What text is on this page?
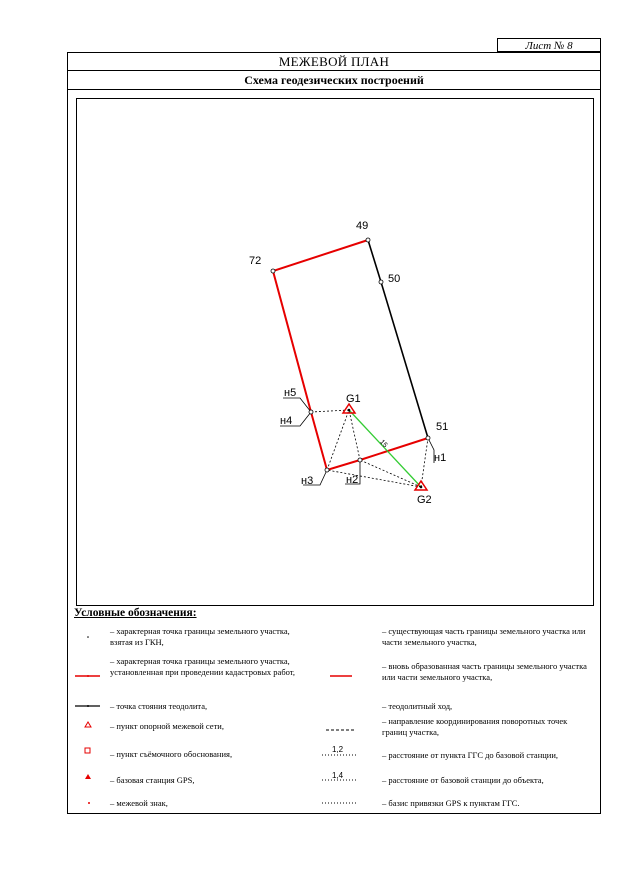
Лист № 8
МЕЖЕВОЙ ПЛАН
Схема геодезических построений
49
50
51
72
н5
н4
н3	н2
н1
G1
G2
15
1,2
1,4
Условные обозначения:
– характерная точка границы земельного участка, взятая из ГКН,
– характерная точка границы земельного участка, установленная при проведении кадастровых работ,
– точка стояния теодолита,
– пункт опорной межевой сети,
– пункт съёмочного обоснования,
– базовая станция GPS,
– межевой знак,
– существующая часть границы земельного участка или части земельного участка,
– вновь образованная часть границы земельного участка или части земельного участка,
– теодолитный ход,
– направление координирования поворотных точек границ участка,
– расстояние от пункта ГГС до базовой станции,
– расстояние от базовой станции до объекта,
– базис привязки GPS к пунктам ГГС.
